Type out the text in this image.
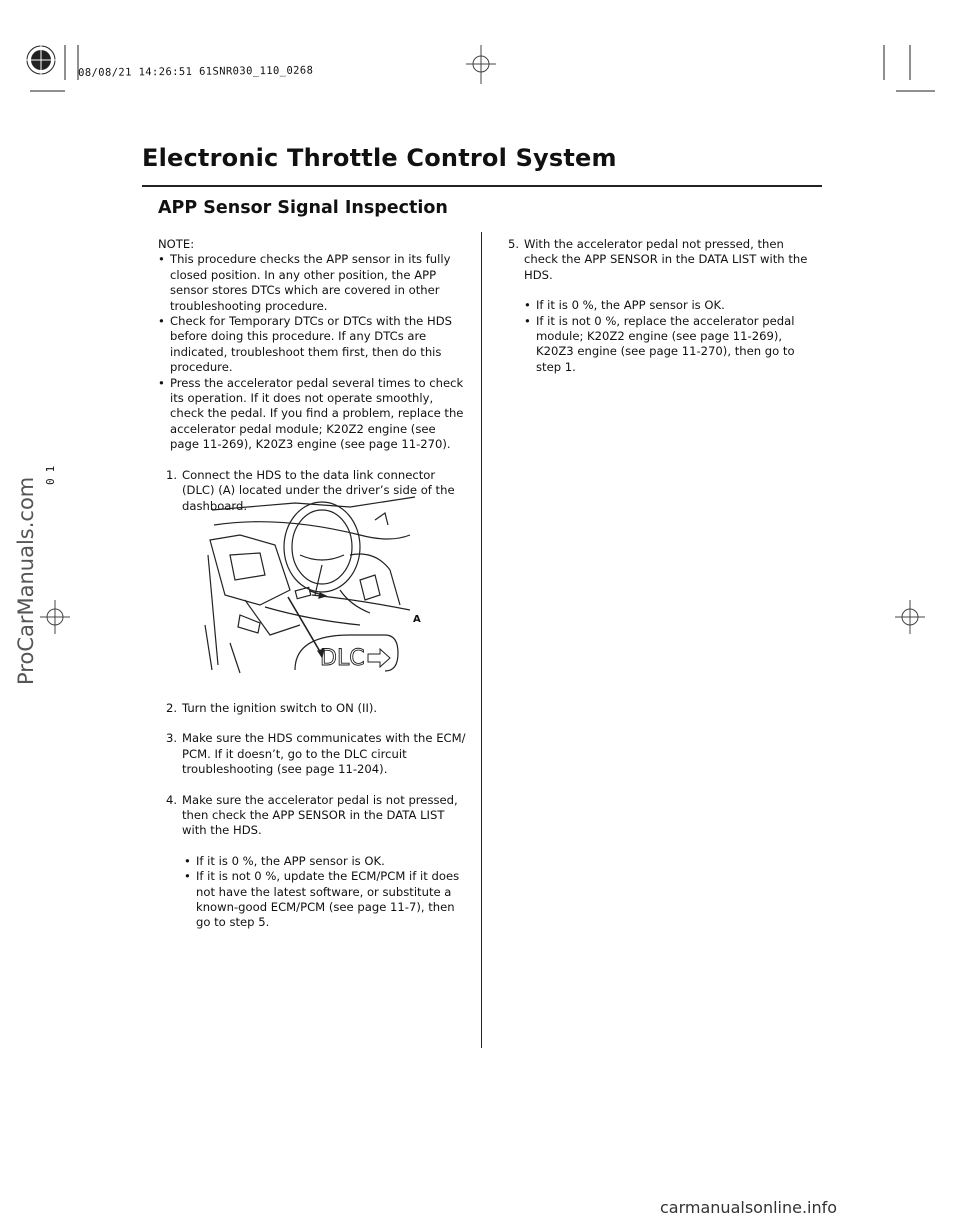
08/08/21 14:26:51 61SNR030_110_0268
Electronic Throttle Control System
APP Sensor Signal Inspection

NOTE:

• This procedure checks the APP sensor in its fully closed position. In any other position, the APP sensor stores DTCs which are covered in other troubleshooting procedure.

• Check for Temporary DTCs or DTCs with the HDS before doing this procedure. If any DTCs are indicated, troubleshoot them first, then do this procedure.

• Press the accelerator pedal several times to check its operation. If it does not operate smoothly, check the pedal. If you find a problem, replace the accelerator pedal module; K20Z2 engine (see page 11-269), K20Z3 engine (see page 11-270).

1. Connect the HDS to the data link connector (DLC) (A) located under the driver’s side of the dashboard.
A
DLC
2. Turn the ignition switch to ON (II).
3. Make sure the HDS communicates with the ECM/ PCM. If it doesn’t, go to the DLC circuit troubleshooting (see page 11-204).
4. Make sure the accelerator pedal is not pressed, then check the APP SENSOR in the DATA LIST with the HDS.

• If it is 0 %, the APP sensor is OK.

• If it is not 0 %, update the ECM/PCM if it does not have the latest software, or substitute a known-good ECM/PCM (see page 11-7), then go to step 5.

5. With the accelerator pedal not pressed, then check the APP SENSOR in the DATA LIST with the HDS.

• If it is 0 %, the APP sensor is OK.

• If it is not 0 %, replace the accelerator pedal module; K20Z2 engine (see page 11-269), K20Z3 engine (see page 11-270), then go to step 1.

ProCarManuals.com
01
carmanualsonline.info
